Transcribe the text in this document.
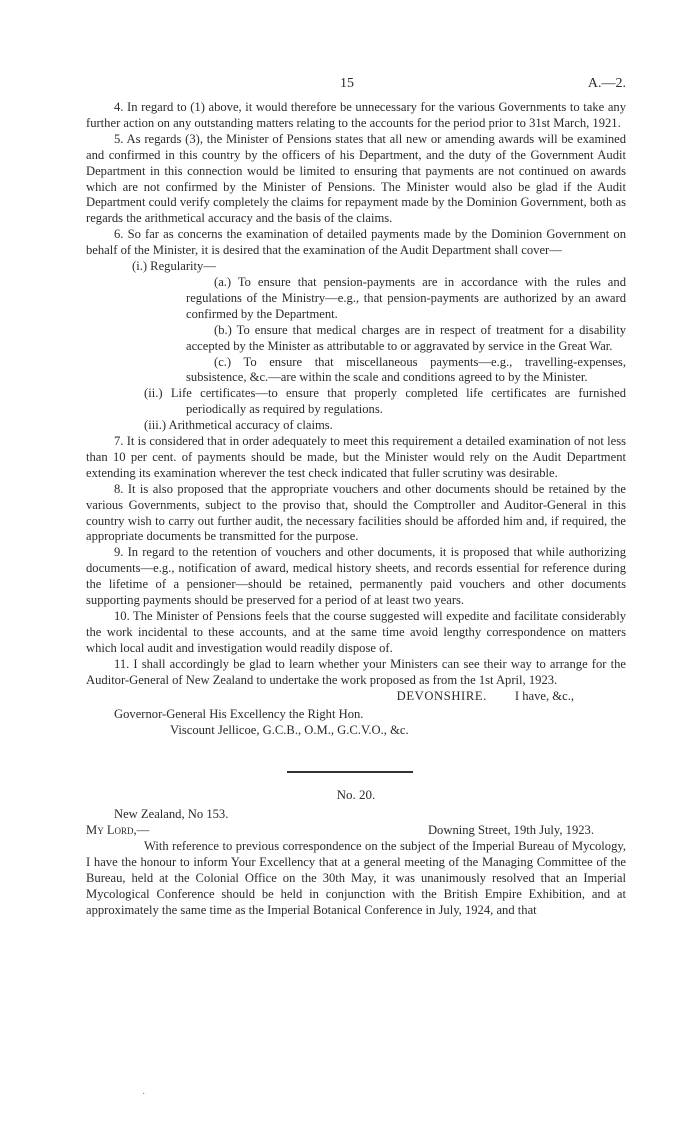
15	A.—2.

4. In regard to (1) above, it would therefore be unnecessary for the various Governments to take any further action on any outstanding matters relating to the accounts for the period prior to 31st March, 1921.

5. As regards (3), the Minister of Pensions states that all new or amending awards will be examined and confirmed in this country by the officers of his Department, and the duty of the Government Audit Department in this connection would be limited to ensuring that payments are not continued on awards which are not confirmed by the Minister of Pensions. The Minister would also be glad if the Audit Department could verify completely the claims for repayment made by the Dominion Government, both as regards the arithmetical accuracy and the basis of the claims.

6. So far as concerns the examination of detailed payments made by the Dominion Government on behalf of the Minister, it is desired that the examination of the Audit Department shall cover—

(i.) Regularity—

(a.) To ensure that pension-payments are in accordance with the rules and regulations of the Ministry—e.g., that pension-payments are authorized by an award confirmed by the Department.

(b.) To ensure that medical charges are in respect of treatment for a disability accepted by the Minister as attributable to or aggravated by service in the Great War.

(c.) To ensure that miscellaneous payments—e.g., travelling-expenses, subsistence, &c.—are within the scale and conditions agreed to by the Minister.

(ii.) Life certificates—to ensure that properly completed life certificates are furnished periodically as required by regulations.

(iii.) Arithmetical accuracy of claims.

7. It is considered that in order adequately to meet this requirement a detailed examination of not less than 10 per cent. of payments should be made, but the Minister would rely on the Audit Department extending its examination wherever the test check indicated that fuller scrutiny was desirable.

8. It is also proposed that the appropriate vouchers and other documents should be retained by the various Governments, subject to the proviso that, should the Comptroller and Auditor-General in this country wish to carry out further audit, the necessary facilities should be afforded him and, if required, the appropriate documents be transmitted for the purpose.

9. In regard to the retention of vouchers and other documents, it is proposed that while authorizing documents—e.g., notification of award, medical history sheets, and records essential for reference during the lifetime of a pensioner—should be retained, permanently paid vouchers and other documents supporting payments should be preserved for a period of at least two years.

10. The Minister of Pensions feels that the course suggested will expedite and facilitate considerably the work incidental to these accounts, and at the same time avoid lengthy correspondence on matters which local audit and investigation would readily dispose of.

11. I shall accordingly be glad to learn whether your Ministers can see their way to arrange for the Auditor-General of New Zealand to undertake the work proposed as from the 1st April, 1923.
I have, &c.,

DEVONSHIRE.
Governor-General His Excellency the Right Hon.
Viscount Jellicoe, G.C.B., O.M., G.C.V.O., &c.
No. 20.
New Zealand, No 153.
My Lord,—	Downing Street, 19th July, 1923.

With reference to previous correspondence on the subject of the Imperial Bureau of Mycology, I have the honour to inform Your Excellency that at a general meeting of the Managing Committee of the Bureau, held at the Colonial Office on the 30th May, it was unanimously resolved that an Imperial Mycological Conference should be held in conjunction with the British Empire Exhibition, and at approximately the same time as the Imperial Botanical Conference in July, 1924, and that

·
